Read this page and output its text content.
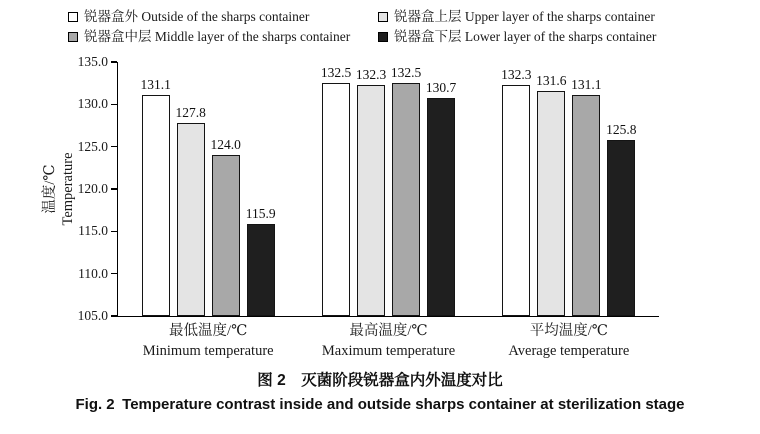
锐器盒外 Outside of the sharps container	锐器盒上层 Upper layer of the sharps container
锐器盒中层 Middle layer of the sharps container	锐器盒下层 Lower layer of the sharps container
温度/℃ Temperature
135.0
130.0
125.0
120.0
115.0
110.0
105.0
131.1
127.8
124.0
115.9
最低温度/℃
Minimum temperature
132.5 132.3 132.5
130.7
最高温度/℃
Maximum temperature
132.3 131.6 131.1
125.8
平均温度/℃
Average temperature
图 2　灭菌阶段锐器盒内外温度对比
Fig. 2 Temperature contrast inside and outside sharps container at sterilization stage
